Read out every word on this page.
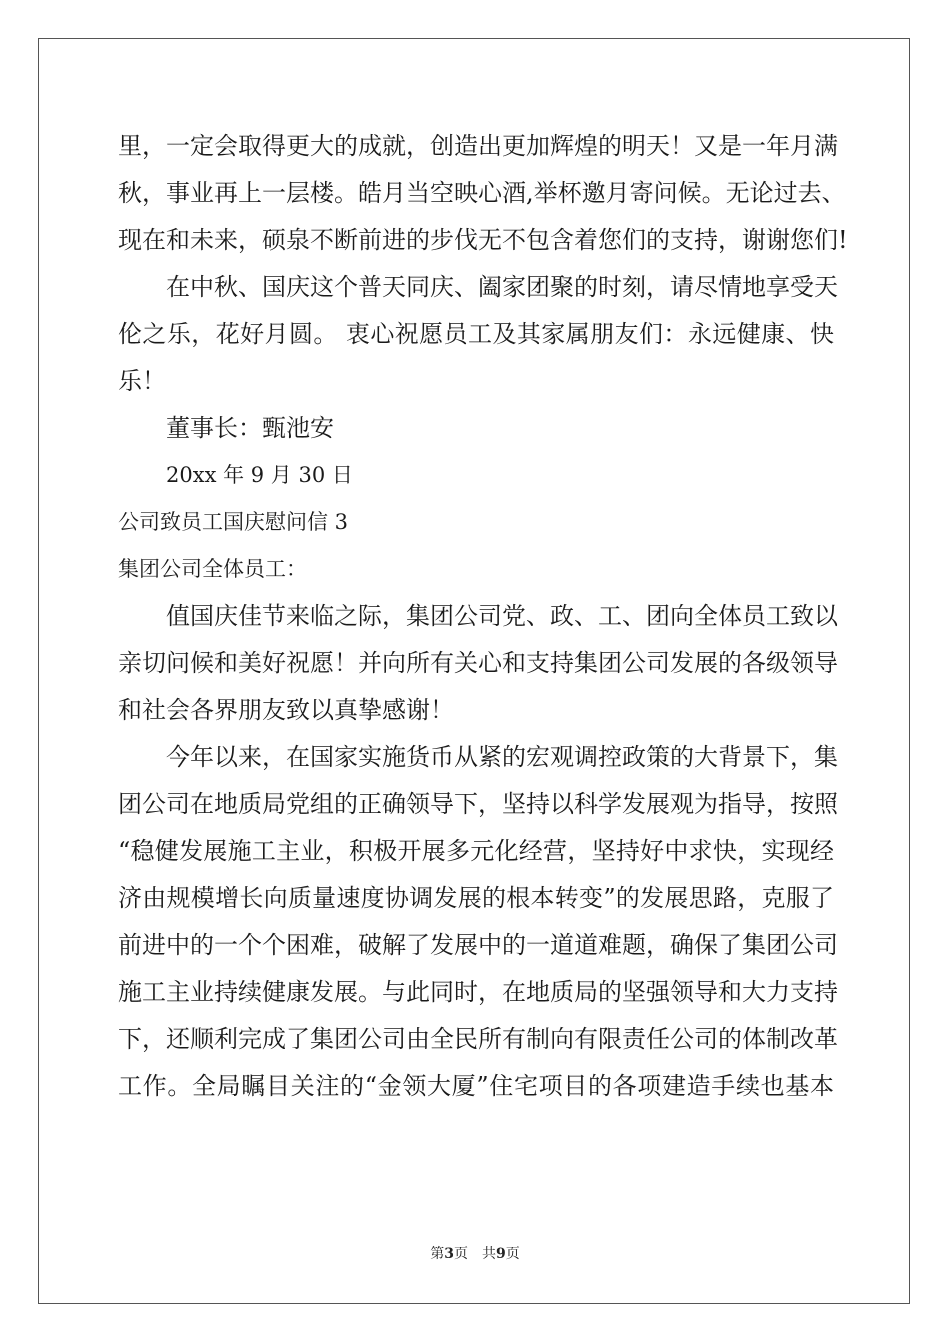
里，一定会取得更大的成就，创造出更加辉煌的明天！又是一年月满
秋，事业再上一层楼。皓月当空映心酒,举杯邀月寄问候。无论过去、
现在和未来，硕泉不断前进的步伐无不包含着您们的支持，谢谢您们!
在中秋、国庆这个普天同庆、阖家团聚的时刻，请尽情地享受天
伦之乐，花好月圆。 衷心祝愿员工及其家属朋友们：永远健康、快
乐！
董事长：甄池安
20xx 年 9 月 30 日
公司致员工国庆慰问信 3
集团公司全体员工：
值国庆佳节来临之际，集团公司党、政、工、团向全体员工致以
亲切问候和美好祝愿！并向所有关心和支持集团公司发展的各级领导
和社会各界朋友致以真挚感谢！
今年以来，在国家实施货币从紧的宏观调控政策的大背景下，集
团公司在地质局党组的正确领导下，坚持以科学发展观为指导，按照
“稳健发展施工主业，积极开展多元化经营，坚持好中求快，实现经
济由规模增长向质量速度协调发展的根本转变”的发展思路，克服了
前进中的一个个困难，破解了发展中的一道道难题，确保了集团公司
施工主业持续健康发展。与此同时，在地质局的坚强领导和大力支持
下，还顺利完成了集团公司由全民所有制向有限责任公司的体制改革
工作。全局瞩目关注的“金领大厦”住宅项目的各项建造手续也基本
第3页　共9页
